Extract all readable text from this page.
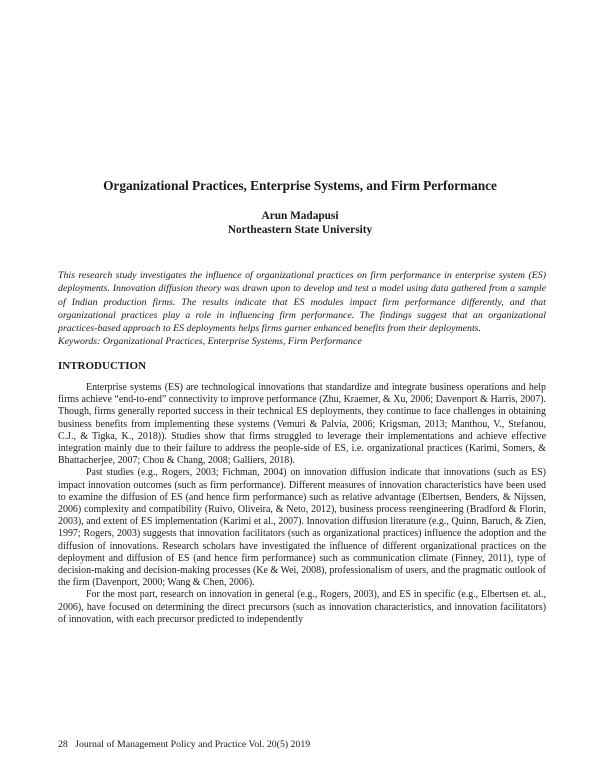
Organizational Practices, Enterprise Systems, and Firm Performance
Arun Madapusi
Northeastern State University

This research study investigates the influence of organizational practices on firm performance in enterprise system (ES) deployments. Innovation diffusion theory was drawn upon to develop and test a model using data gathered from a sample of Indian production firms. The results indicate that ES modules impact firm performance differently, and that organizational practices play a role in influencing firm performance. The findings suggest that an organizational practices-based approach to ES deployments helps firms garner enhanced benefits from their deployments.

Keywords: Organizational Practices, Enterprise Systems, Firm Performance

INTRODUCTION

Enterprise systems (ES) are technological innovations that standardize and integrate business operations and help firms achieve “end-to-end” connectivity to improve performance (Zhu, Kraemer, & Xu, 2006; Davenport & Harris, 2007). Though, firms generally reported success in their technical ES deployments, they continue to face challenges in obtaining business benefits from implementing these systems (Vemuri & Palvia, 2006; Krigsman, 2013; Manthou, V., Stefanou, C.J., & Tigka, K., 2018)). Studies show that firms struggled to leverage their implementations and achieve effective integration mainly due to their failure to address the people-side of ES, i.e. organizational practices (Karimi, Somers, & Bhattacherjee, 2007; Chou & Chang, 2008; Galliers, 2018).

Past studies (e.g., Rogers, 2003; Fichman, 2004) on innovation diffusion indicate that innovations (such as ES) impact innovation outcomes (such as firm performance). Different measures of innovation characteristics have been used to examine the diffusion of ES (and hence firm performance) such as relative advantage (Elbertsen, Benders, & Nijssen, 2006) complexity and compatibility (Ruivo, Oliveira, & Neto, 2012), business process reengineering (Bradford & Florin, 2003), and extent of ES implementation (Karimi et al., 2007). Innovation diffusion literature (e.g., Quinn, Baruch, & Zien, 1997; Rogers, 2003) suggests that innovation facilitators (such as organizational practices) influence the adoption and the diffusion of innovations. Research scholars have investigated the influence of different organizational practices on the deployment and diffusion of ES (and hence firm performance) such as communication climate (Finney, 2011), type of decision-making and decision-making processes (Ke & Wei, 2008), professionalism of users, and the pragmatic outlook of the firm (Davenport, 2000; Wang & Chen, 2006).

For the most part, research on innovation in general (e.g., Rogers, 2003), and ES in specific (e.g., Elbertsen et. al., 2006), have focused on determining the direct precursors (such as innovation characteristics, and innovation facilitators) of innovation, with each precursor predicted to independently

28 Journal of Management Policy and Practice Vol. 20(5) 2019
